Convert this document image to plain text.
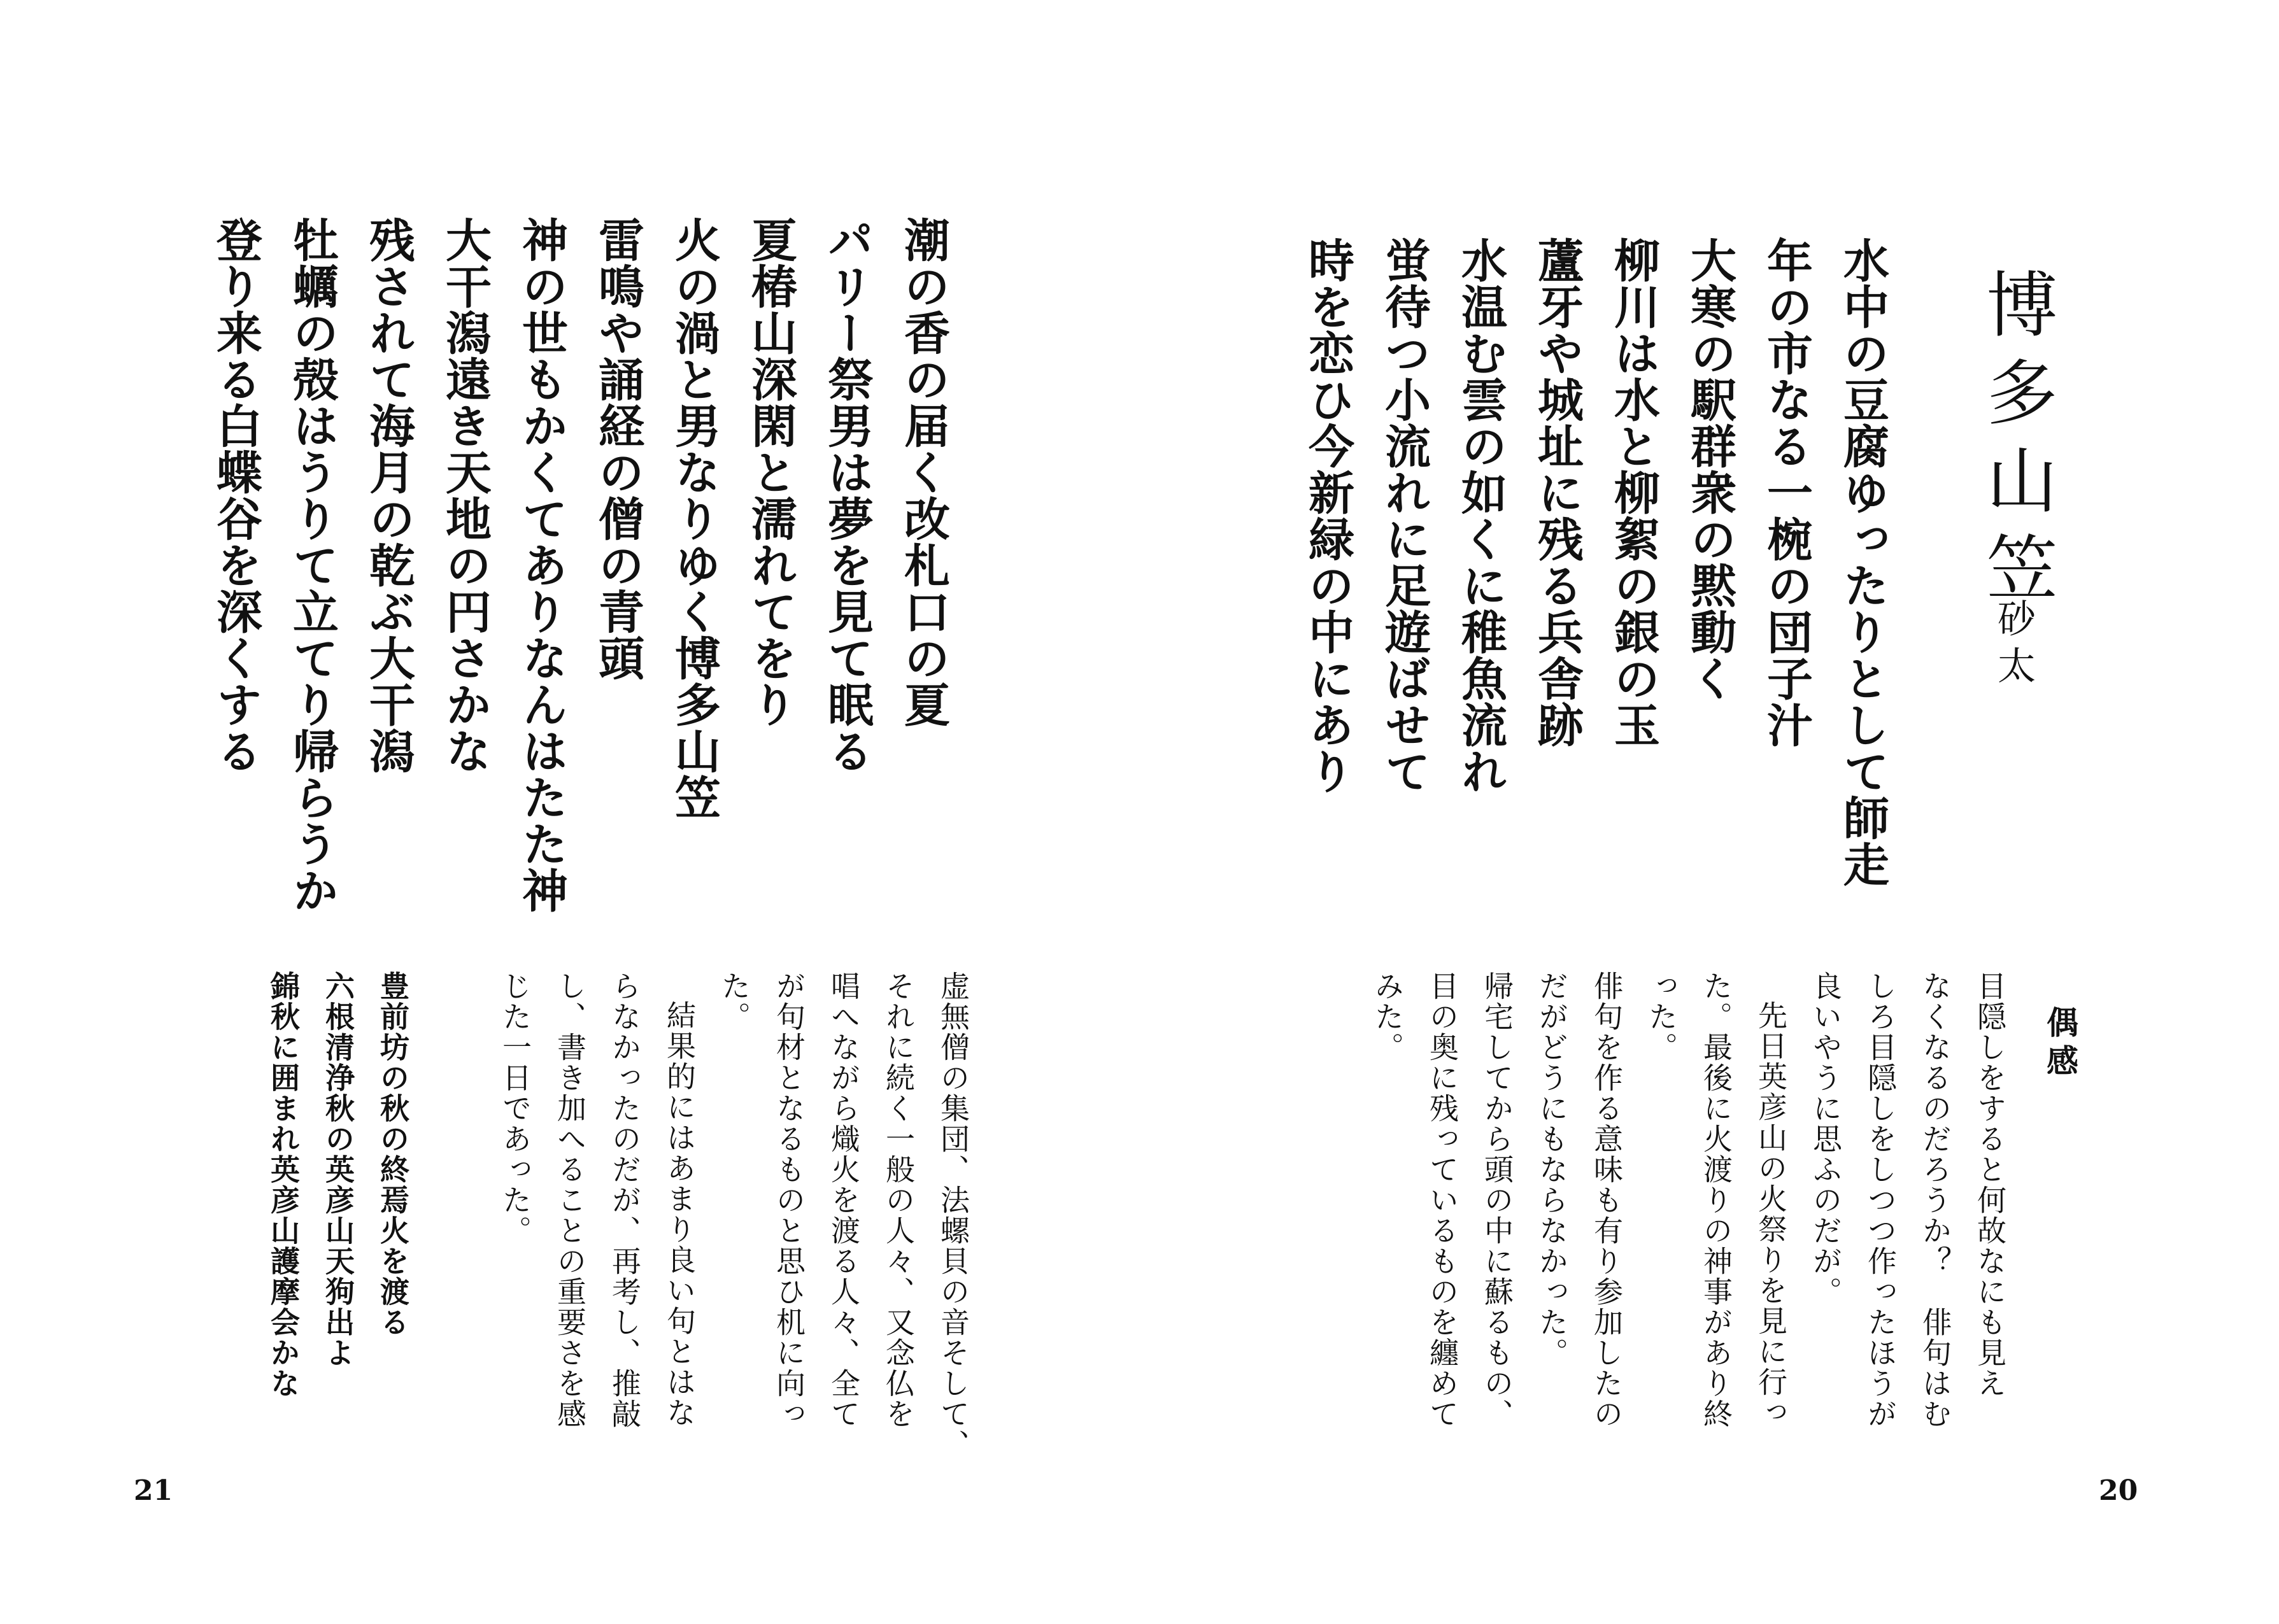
博多山笠
砂太
水中の豆腐ゆったりとして師走
年の市なる一椀の団子汁
大寒の駅群衆の黙動く
柳川は水と柳絮の銀の玉
蘆牙や城址に残る兵舎跡
水温む雲の如くに稚魚流れ
蛍待つ小流れに足遊ばせて
時を恋ひ今新緑の中にあり
偶感
目隠しをすると何故なにも見え
なくなるのだろうか？　俳句はむ
しろ目隠しをしつつ作ったほうが
良いやうに思ふのだが。
先日英彦山の火祭りを見に行っ
た。最後に火渡りの神事があり終
った。
俳句を作る意味も有り参加したの
だがどうにもならなかった。
帰宅してから頭の中に蘇るもの、
目の奥に残っているものを纏めて
みた。
20
潮の香の届く改札口の夏
パリー祭男は夢を見て眠る
夏椿山深閑と濡れてをり
火の渦と男なりゆく博多山笠
雷鳴や誦経の僧の青頭
神の世もかくてありなんはたた神
大干潟遠き天地の円さかな
残されて海月の乾ぶ大干潟
牡蠣の殻はうりて立てり帰らうか
登り来る白蝶谷を深くする
虚無僧の集団、法螺貝の音そして、
それに続く一般の人々、又念仏を
唱へながら熾火を渡る人々、全て
が句材となるものと思ひ机に向っ
た。
結果的にはあまり良い句とはな
らなかったのだが、再考し、推敲
し、書き加へることの重要さを感
じた一日であった。
豊前坊の秋の終焉火を渡る
六根清浄秋の英彦山天狗出よ
錦秋に囲まれ英彦山護摩会かな
21
